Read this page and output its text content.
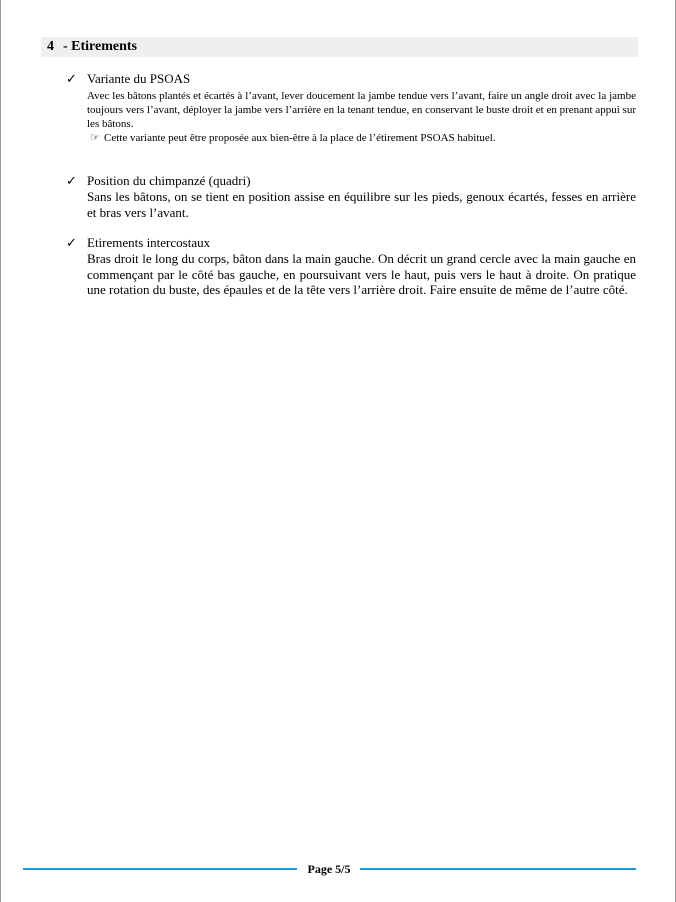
4 - Etirements
✓ Variante du PSOAS
Avec les bâtons plantés et écartés à l’avant, lever doucement la jambe tendue vers l’avant, faire un angle droit avec la jambe toujours vers l’avant, déployer la jambe vers l’arrière en la tenant tendue, en conservant le buste droit et en prenant appui sur les bâtons.
☞ Cette variante peut être proposée aux bien-être à la place de l’étirement PSOAS habituel.
✓ Position du chimpanzé (quadri)
Sans les bâtons, on se tient en position assise en équilibre sur les pieds, genoux écartés, fesses en arrière et bras vers l’avant.
✓ Etirements intercostaux
Bras droit le long du corps, bâton dans la main gauche. On décrit un grand cercle avec la main gauche en commençant par le côté bas gauche, en poursuivant vers le haut, puis vers le haut à droite. On pratique une rotation du buste, des épaules et de la tête vers l’arrière droit. Faire ensuite de même de l’autre côté.
Page 5/5
